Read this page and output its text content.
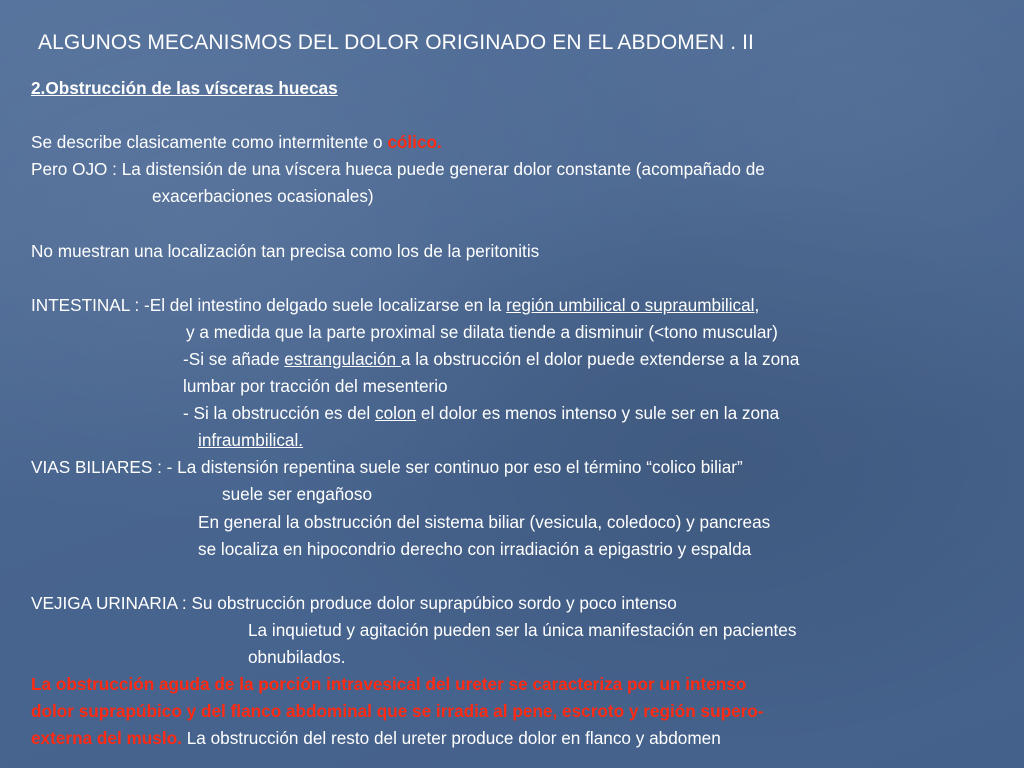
ALGUNOS MECANISMOS DEL DOLOR ORIGINADO EN EL ABDOMEN . II
2.Obstrucción de las vísceras huecas
Se describe clasicamente como intermitente o cólico.
Pero OJO : La distensión de una víscera hueca puede generar dolor constante (acompañado de
exacerbaciones ocasionales)
No muestran una localización tan precisa como los de la peritonitis
INTESTINAL : -El del intestino delgado suele localizarse en la región umbilical o supraumbilical,
y a medida que la parte proximal se dilata tiende a disminuir (<tono muscular)
-Si se añade estrangulación a la obstrucción el dolor puede extenderse a la zona
lumbar por tracción del mesenterio
- Si la obstrucción es del colon el dolor es menos intenso y sule ser en la zona
infraumbilical.
VIAS BILIARES : - La distensión repentina suele ser continuo por eso el término “colico biliar”
suele ser engañoso
En general la obstrucción del sistema biliar (vesicula, coledoco) y pancreas
se localiza en hipocondrio derecho con irradiación a epigastrio y espalda
VEJIGA URINARIA : Su obstrucción produce dolor suprapúbico sordo y poco intenso
La inquietud y agitación pueden ser la única manifestación en pacientes
obnubilados.
La obstrucción aguda de la porción intravesical del ureter se caracteriza por un intenso
dolor suprapúbico y del flanco abdominal que se irradia al pene, escroto y región supero-
externa del muslo. La obstrucción del resto del ureter produce dolor en flanco y abdomen
